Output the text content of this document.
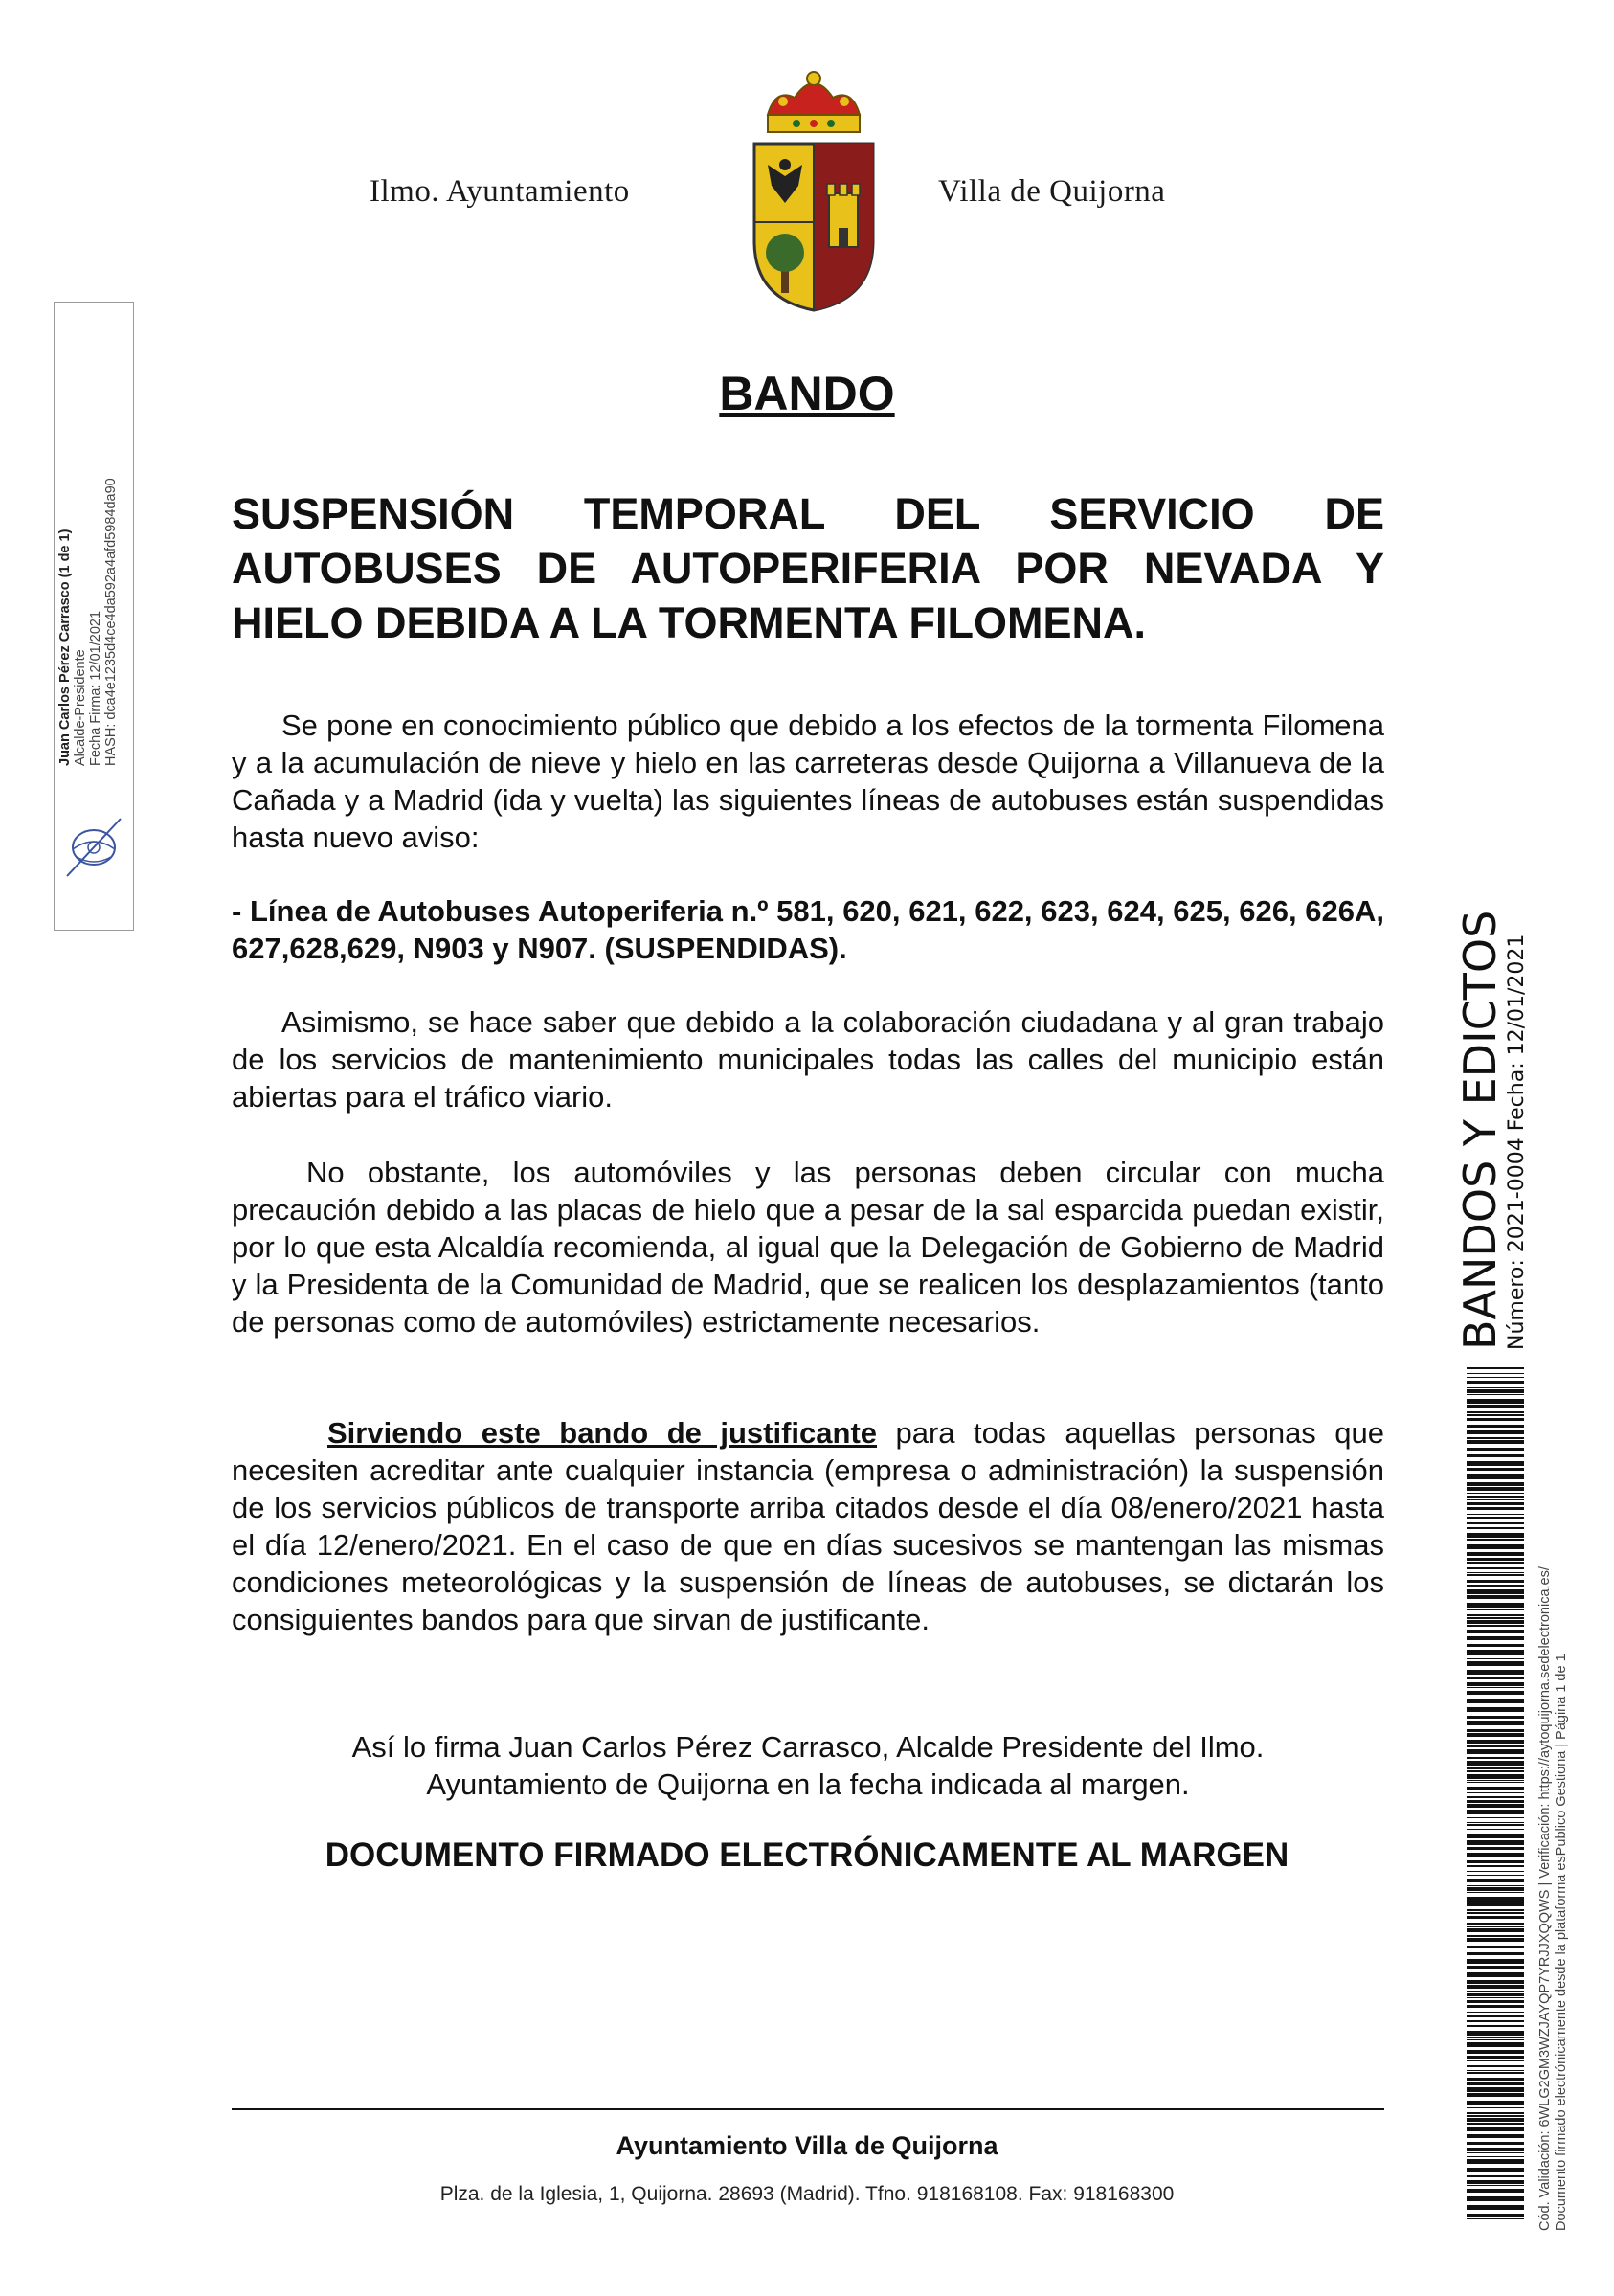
Ilmo. Ayuntamiento	Villa de Quijorna
Juan Carlos Pérez Carrasco (1 de 1) Alcalde-Presidente Fecha Firma: 12/01/2021 HASH: dca4e1235d4ce4da592a4afd5984da90
BANDOS Y EDICTOS Número: 2021-0004 Fecha: 12/01/2021
Cód. Validación: 6WLG2GM3WZJAYQP7YRJJXQQWS | Verificación: https://aytoquijorna.sedelectronica.es/ Documento firmado electrónicamente desde la plataforma esPublico Gestiona | Página 1 de 1
BANDO

SUSPENSIÓN TEMPORAL DEL SERVICIO DE AUTOBUSES DE AUTOPERIFERIA POR NEVADA Y HIELO DEBIDA A LA TORMENTA FILOMENA.

Se pone en conocimiento público que debido a los efectos de la tormenta Filomena y a la acumulación de nieve y hielo en las carreteras desde Quijorna a Villanueva de la Cañada y a Madrid (ida y vuelta) las siguientes líneas de autobuses están suspendidas hasta nuevo aviso:

- Línea de Autobuses Autoperiferia n.º 581, 620, 621, 622, 623, 624, 625, 626, 626A, 627,628,629, N903 y N907. (SUSPENDIDAS).

Asimismo, se hace saber que debido a la colaboración ciudadana y al gran trabajo de los servicios de mantenimiento municipales todas las calles del municipio están abiertas para el tráfico viario.

No obstante, los automóviles y las personas deben circular con mucha precaución debido a las placas de hielo que a pesar de la sal esparcida puedan existir, por lo que esta Alcaldía recomienda, al igual que la Delegación de Gobierno de Madrid y la Presidenta de la Comunidad de Madrid, que se realicen los desplazamientos (tanto de personas como de automóviles) estrictamente necesarios.

Sirviendo este bando de justificante para todas aquellas personas que necesiten acreditar ante cualquier instancia (empresa o administración) la suspensión de los servicios públicos de transporte arriba citados desde el día 08/enero/2021 hasta el día 12/enero/2021. En el caso de que en días sucesivos se mantengan las mismas condiciones meteorológicas y la suspensión de líneas de autobuses, se dictarán los consiguientes bandos para que sirvan de justificante.

Así lo firma Juan Carlos Pérez Carrasco, Alcalde Presidente del Ilmo.
Ayuntamiento de Quijorna en la fecha indicada al margen.

DOCUMENTO FIRMADO ELECTRÓNICAMENTE AL MARGEN

Ayuntamiento Villa de Quijorna

Plza. de la Iglesia, 1, Quijorna. 28693 (Madrid). Tfno. 918168108. Fax: 918168300
